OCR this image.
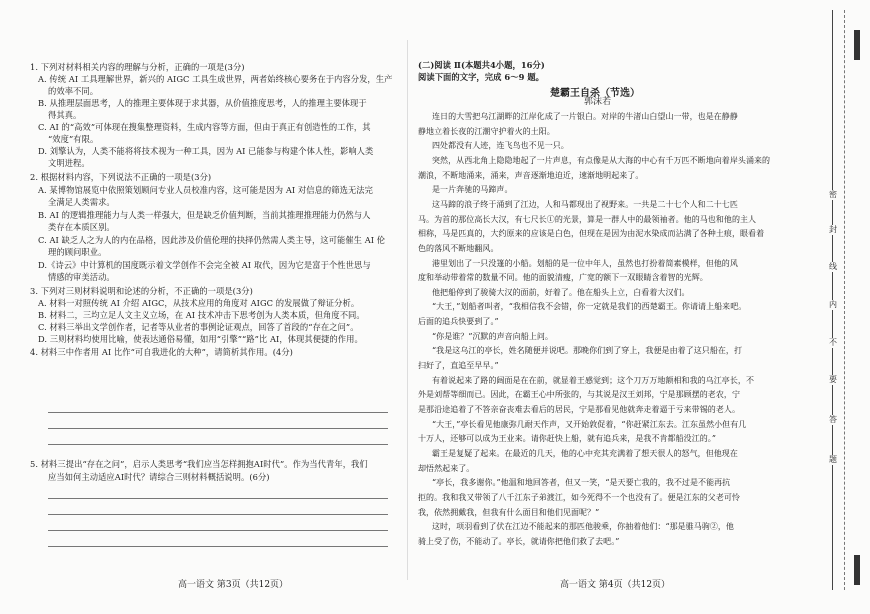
1. 下列对材料相关内容的理解与分析，正确的一项是(3分)
A. 传统 AI 工具理解世界，新兴的 AIGC 工具生成世界，两者始终核心要务在于内容分发，生产
的效率不同。
B. 从推理层面思考，人的推理主要体现于求其器，从价值推度思考，人的推理主要体现于
得其真。
C. AI 的“高效”可体现在搜集整理资料，生成内容等方面，但由于真正有创造性的工作，其
“效度”有限。
D. 刘擎认为，人类不能将将技术视为一种工具，因为 AI 已能参与构建个体人性，影响人类
文明进程。
2. 根据材料内容，下列说法不正确的一项是(3分)
A. 某博物馆展览中依照策划顾问专业人员校准内容，这可能是因为 AI 对信息的筛选无法完
全满足人类需求。
B. AI 的逻辑推理能力与人类一样强大，但是缺乏价值判断，当前其推理推理能力仍然与人
类存在本质区别。
C. AI 缺乏人之为人的内在品格，因此涉及价值伦理的抉择仍然需人类主导，这可能催生 AI 伦
理的顾问职业。
D.《诗云》中计算机的国度既示着文学创作不会完全被 AI 取代，因为它是富于个性世思与
情感的审美活动。
3. 下列对三则材料说明和论述的分析，不正确的一项是(3分)
A. 材料一对照传统 AI 介绍 AIGC，从技术应用的角度对 AIGC 的发展做了辩证分析。
B. 材料二，三均立足人文主义立场，在 AI 技术冲击下思考创为人类本质，但角度不同。
C. 材料三举出文学创作者，记者等从业者的事例论证观点，回答了首段的“存在之问”。
D. 三则材料均使用比喻，使表达通俗易懂，如用“引擎”“路”比 AI，体现其便捷的作用。
4. 材料三中作者用 AI 比作“可自我进化的大种”，请简析其作用。(4分)
5. 材料三提出“存在之问”，启示人类思考“我们应当怎样拥抱AI时代”。作为当代青年，我们
应当如何主动适应AI时代？请综合三则材料概括说明。(6分)
高一语文 第3页（共12页）
(二)阅读 Ⅱ(本题共4小题，16分)
阅读下面的文字，完成 6～9 题。
楚霸王自杀（节选）
郭沫若
连日的大雪把乌江湖畔的江岸化成了一片银白。对岸的牛渚山白望山一带，也是在静静
静地立着长夜的江潮守护着火的土阳。
四处都没有人迹，连飞鸟也不见一只。
突然，从西北角上隐隐地起了一片声息，有点像是从大海的中心有千万匹不断地向着岸头涌来的
潮浪，不断地涌来，涌来，声音逐渐地迫近，速渐地明起来了。
是一片奔驰的马蹄声。
这马蹄的浪子终于涌到了江边，人和马都现出了视野来。一共是二十七个人和二十七匹
马。为首的那位高长大汉，有七尺长①的光景，算是一群人中的最领袖者。他的马也和他的主人
相称，马是匹真的，大约原来的应该是白色，但现在是因为由泥水染成而沾满了各种土痕，眼看着
色的落风不断地翻风。
港里划出了一只没篷的小船。划船的是一位中年人，虽然也打扮着简素模样，但他的风
度和举动带着常的数量不同。他的面貌清瘦，广宽的额下一双眼睛含着智的光辉。
他把船停到了骏骑大汉的面前，好着了。他在船头上立，白看着大汉们。
“大王，”划船者叫者，“我相信我不会错，你一定就是我们的西楚霸王。你请请上船来吧。
后面的追兵快要到了。”
“你是谁？”沉默的声音向船上问。
“我是这乌江的亭长，姓名随便并说吧。那晚你们到了穿上，我便是由着了这只船在，打
扫好了，直追至早早。”
有着说起来了路的阔面是在在前，就显着王感觉到；这个刀万万地额相和我的乌江亭长，不
外是刘帮等细而已。因此，在霸王心中所张的，与其说是汉王刘邦，宁是那顾摆的老农，宁
是那沿途追着了不答亲奋丧难去看后的居民，宁是那看见他就奔走着逼于亏来带锡的老人。
“大王，”亭长看见他康弥几耐天作声，又开始敦促着，“你赶紧江东去。江东虽然小但有几
十万人，还够可以成为王业来。请你赶快上船，就有追兵来，是我不肯都船没江的。”
霸王是复疑了起来。在最近的几天，他的心中充其充满着了想天很人的怒气，但他现在
却悟然起来了。
“亭长，我多谢你。”他温和地回答者，但又一笑，“是天要亡我的，我不过是不能再抗
拒的。我和我又带领了八千江东子弟渡江，如今死得不一个也没有了。便是江东的父老可怜
我，依然拥戴我，但我有什么面目和他们见面呢？”
这时，项羽看到了伏在江边不能起来的那匹他骏乘，你抽着他们：“那是骓马驹②，他
骑上受了伤，不能动了。亭长，就请你把他们救了去吧。”
高一语文 第4页（共12页）
密
封
线
内
不
要
答
题
